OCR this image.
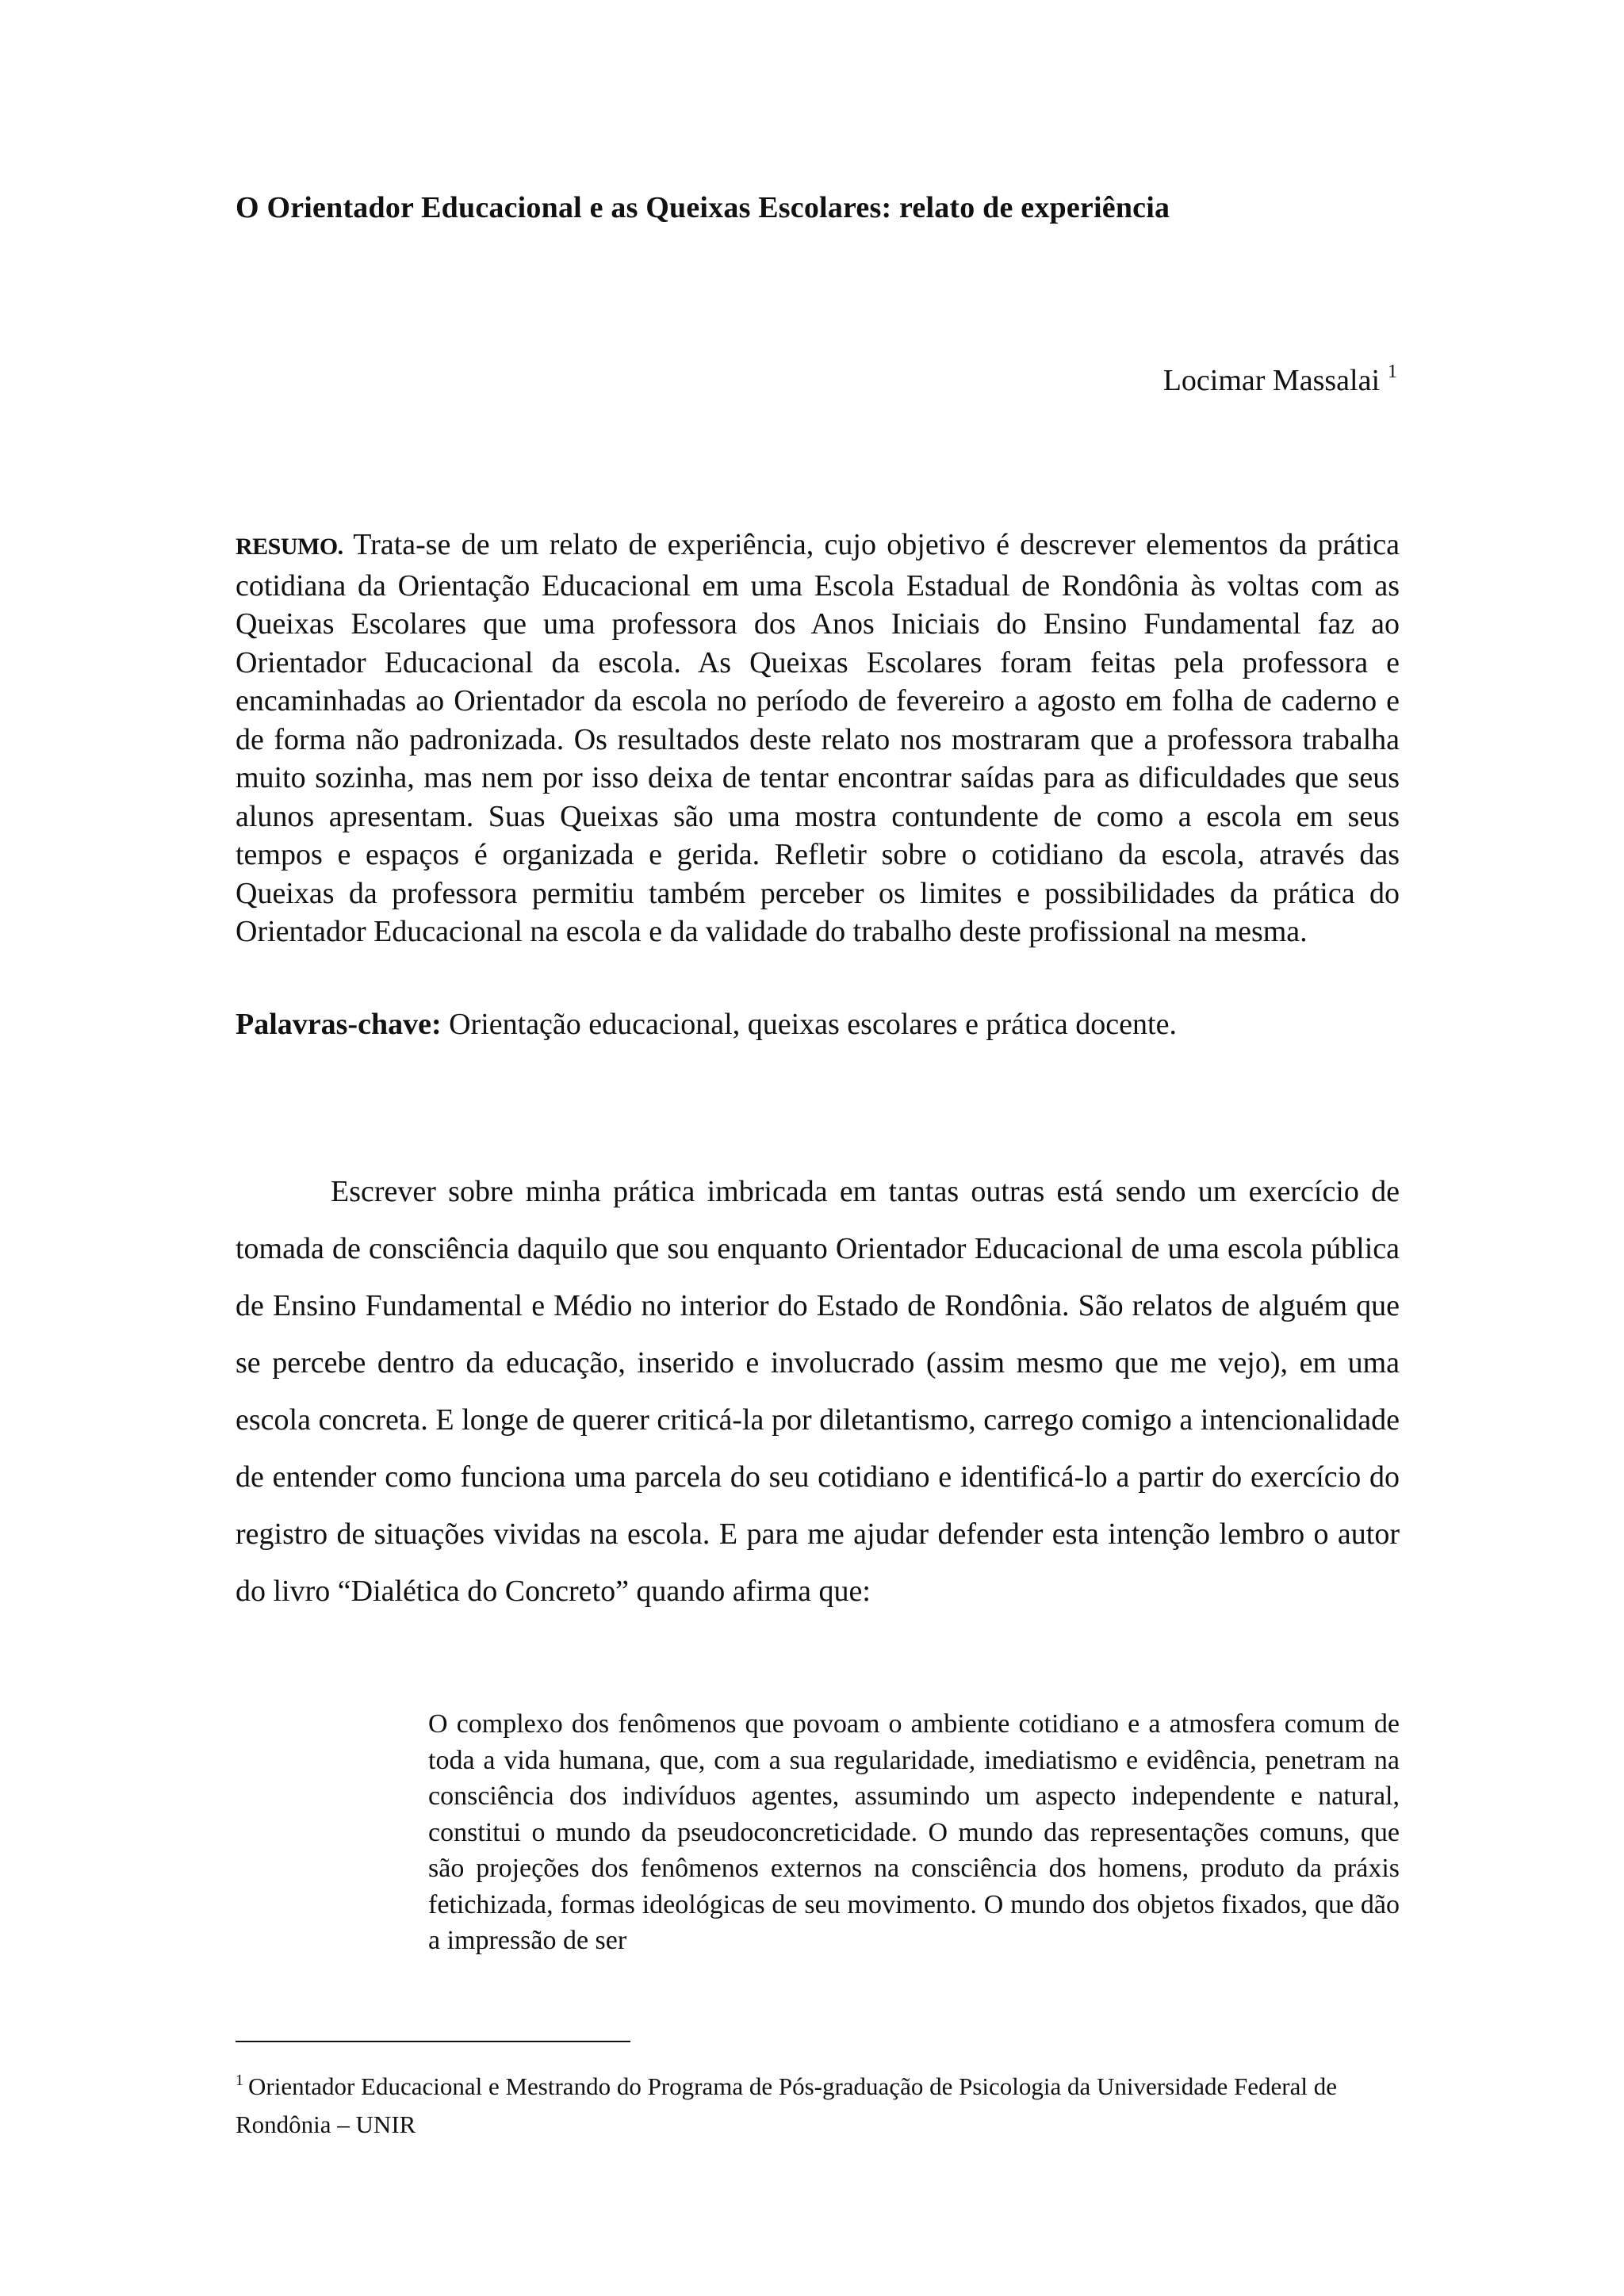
O Orientador Educacional e as Queixas Escolares: relato de experiência
Locimar Massalai $^1$
RESUMO. Trata-se de um relato de experiência, cujo objetivo é descrever elementos da prática cotidiana da Orientação Educacional em uma Escola Estadual de Rondônia às voltas com as Queixas Escolares que uma professora dos Anos Iniciais do Ensino Fundamental faz ao Orientador Educacional da escola. As Queixas Escolares foram feitas pela professora e encaminhadas ao Orientador da escola no período de fevereiro a agosto em folha de caderno e de forma não padronizada. Os resultados deste relato nos mostraram que a professora trabalha muito sozinha, mas nem por isso deixa de tentar encontrar saídas para as dificuldades que seus alunos apresentam. Suas Queixas são uma mostra contundente de como a escola em seus tempos e espaços é organizada e gerida. Refletir sobre o cotidiano da escola, através das Queixas da professora permitiu também perceber os limites e possibilidades da prática do Orientador Educacional na escola e da validade do trabalho deste profissional na mesma.
Palavras-chave: Orientação educacional, queixas escolares e prática docente.
Escrever sobre minha prática imbricada em tantas outras está sendo um exercício de tomada de consciência daquilo que sou enquanto Orientador Educacional de uma escola pública de Ensino Fundamental e Médio no interior do Estado de Rondônia. São relatos de alguém que se percebe dentro da educação, inserido e involucrado (assim mesmo que me vejo), em uma escola concreta. E longe de querer criticá-la por diletantismo, carrego comigo a intencionalidade de entender como funciona uma parcela do seu cotidiano e identificá-lo a partir do exercício do registro de situações vividas na escola. E para me ajudar defender esta intenção lembro o autor do livro “Dialética do Concreto” quando afirma que:
O complexo dos fenômenos que povoam o ambiente cotidiano e a atmosfera comum de toda a vida humana, que, com a sua regularidade, imediatismo e evidência, penetram na consciência dos indivíduos agentes, assumindo um aspecto independente e natural, constitui o mundo da pseudoconcreticidade. O mundo das representações comuns, que são projeções dos fenômenos externos na consciência dos homens, produto da práxis fetichizada, formas ideológicas de seu movimento. O mundo dos objetos fixados, que dão a impressão de ser
$^1$ Orientador Educacional e Mestrando do Programa de Pós-graduação de Psicologia da Universidade Federal de Rondônia – UNIR
